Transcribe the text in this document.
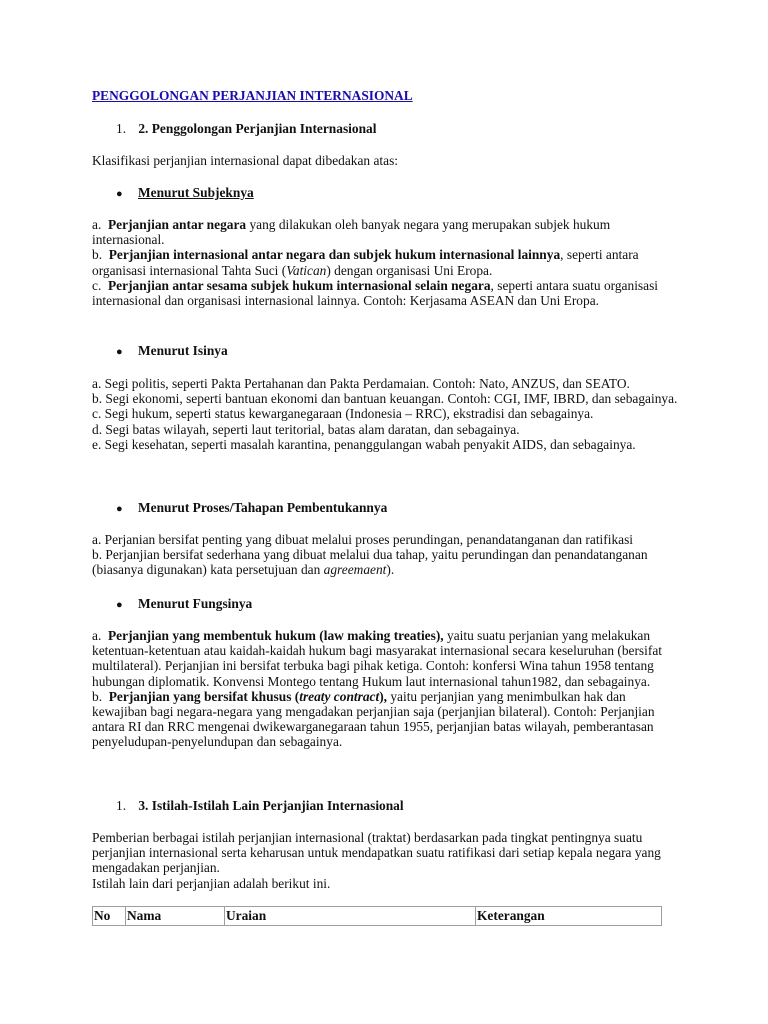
PENGGOLONGAN PERJANJIAN INTERNASIONAL
1. 2. Penggolongan Perjanjian Internasional
Klasifikasi perjanjian internasional dapat dibedakan atas:
● Menurut Subjeknya
a. Perjanjian antar negara yang dilakukan oleh banyak negara yang merupakan subjek hukum internasional.
b. Perjanjian internasional antar negara dan subjek hukum internasional lainnya, seperti antara organisasi internasional Tahta Suci (Vatican) dengan organisasi Uni Eropa.
c. Perjanjian antar sesama subjek hukum internasional selain negara, seperti antara suatu organisasi internasional dan organisasi internasional lainnya. Contoh: Kerjasama ASEAN dan Uni Eropa.
● Menurut Isinya
a. Segi politis, seperti Pakta Pertahanan dan Pakta Perdamaian. Contoh: Nato, ANZUS, dan SEATO.
b. Segi ekonomi, seperti bantuan ekonomi dan bantuan keuangan. Contoh: CGI, IMF, IBRD, dan sebagainya.
c. Segi hukum, seperti status kewarganegaraan (Indonesia – RRC), ekstradisi dan sebagainya.
d. Segi batas wilayah, seperti laut teritorial, batas alam daratan, dan sebagainya.
e. Segi kesehatan, seperti masalah karantina, penanggulangan wabah penyakit AIDS, dan sebagainya.
● Menurut Proses/Tahapan Pembentukannya
a. Perjanian bersifat penting yang dibuat melalui proses perundingan, penandatanganan dan ratifikasi
b. Perjanjian bersifat sederhana yang dibuat melalui dua tahap, yaitu perundingan dan penandatanganan (biasanya digunakan) kata persetujuan dan agreemaent).
● Menurut Fungsinya
a. Perjanjian yang membentuk hukum (law making treaties), yaitu suatu perjanian yang melakukan ketentuan-ketentuan atau kaidah-kaidah hukum bagi masyarakat internasional secara keseluruhan (bersifat multilateral). Perjanjian ini bersifat terbuka bagi pihak ketiga. Contoh: konfersi Wina tahun 1958 tentang hubungan diplomatik. Konvensi Montego tentang Hukum laut internasional tahun1982, dan sebagainya.
b. Perjanjian yang bersifat khusus (treaty contract), yaitu perjanjian yang menimbulkan hak dan kewajiban bagi negara-negara yang mengadakan perjanjian saja (perjanjian bilateral). Contoh: Perjanjian antara RI dan RRC mengenai dwikewarganegaraan tahun 1955, perjanjian batas wilayah, pemberantasan penyeludupan-penyelundupan dan sebagainya.
1. 3. Istilah-Istilah Lain Perjanjian Internasional
Pemberian berbagai istilah perjanjian internasional (traktat) berdasarkan pada tingkat pentingnya suatu perjanjian internasional serta keharusan untuk mendapatkan suatu ratifikasi dari setiap kepala negara yang mengadakan perjanjian.
Istilah lain dari perjanjian adalah berikut ini.
No	Nama	Uraian	Keterangan
